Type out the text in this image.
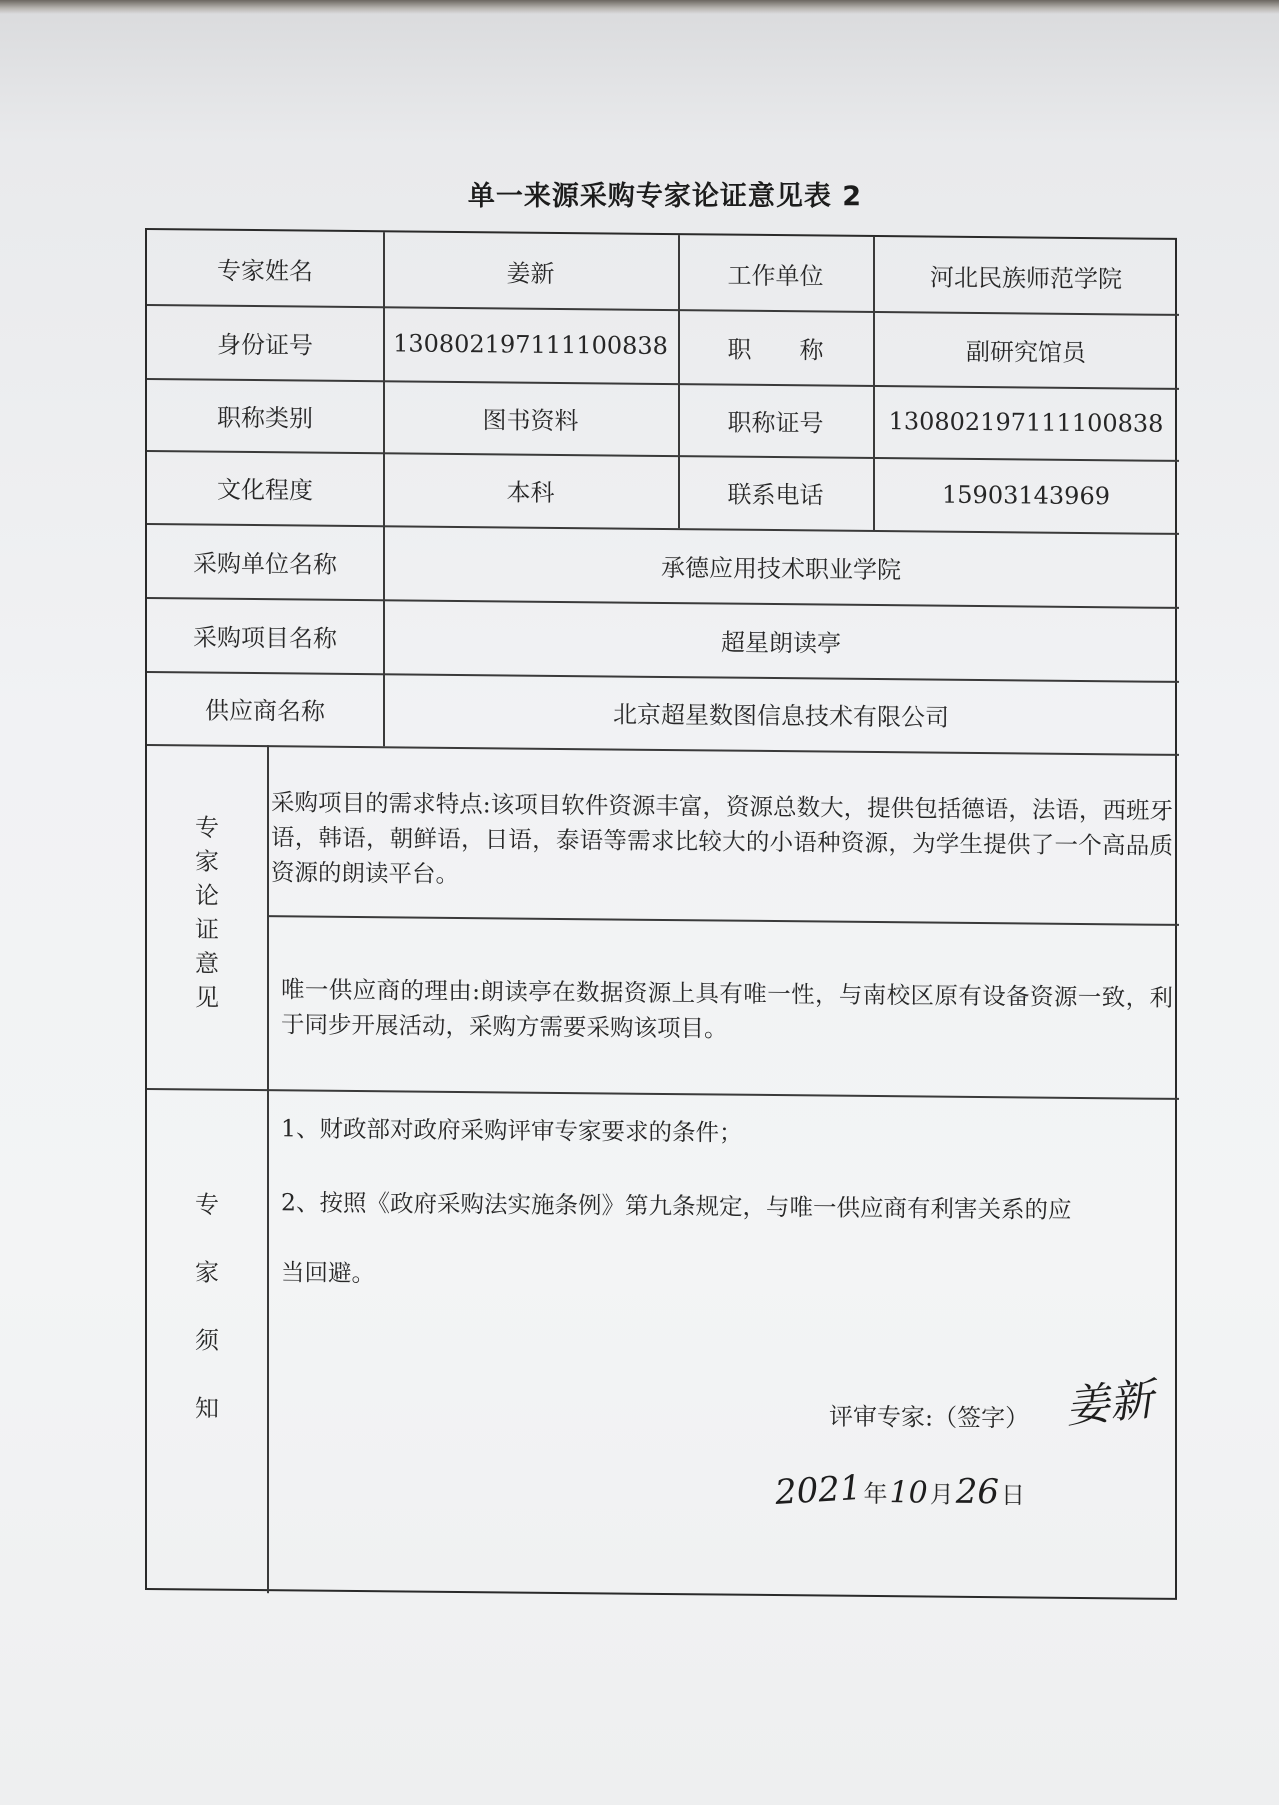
单一来源采购专家论证意见表 2
专家姓名	姜新	工作单位	河北民族师范学院
身份证号	130802197111100838	职　　称	副研究馆员
职称类别	图书资料	职称证号	130802197111100838
文化程度	本科	联系电话	15903143969
采购单位名称	承德应用技术职业学院
采购项目名称	超星朗读亭
供应商名称	北京超星数图信息技术有限公司
专
家
论
证
意
见
采购项目的需求特点:该项目软件资源丰富，资源总数大，提供包括德语，法语，西班牙语，韩语，朝鲜语，日语，泰语等需求比较大的小语种资源，为学生提供了一个高品质资源的朗读平台。
唯一供应商的理由:朗读亭在数据资源上具有唯一性，与南校区原有设备资源一致，利于同步开展活动，采购方需要采购该项目。
专
家
须
知
1、财政部对政府采购评审专家要求的条件；
2、按照《政府采购法实施条例》第九条规定，与唯一供应商有利害关系的应
当回避。
评审专家:（签字） 姜新
2021年10月26日
